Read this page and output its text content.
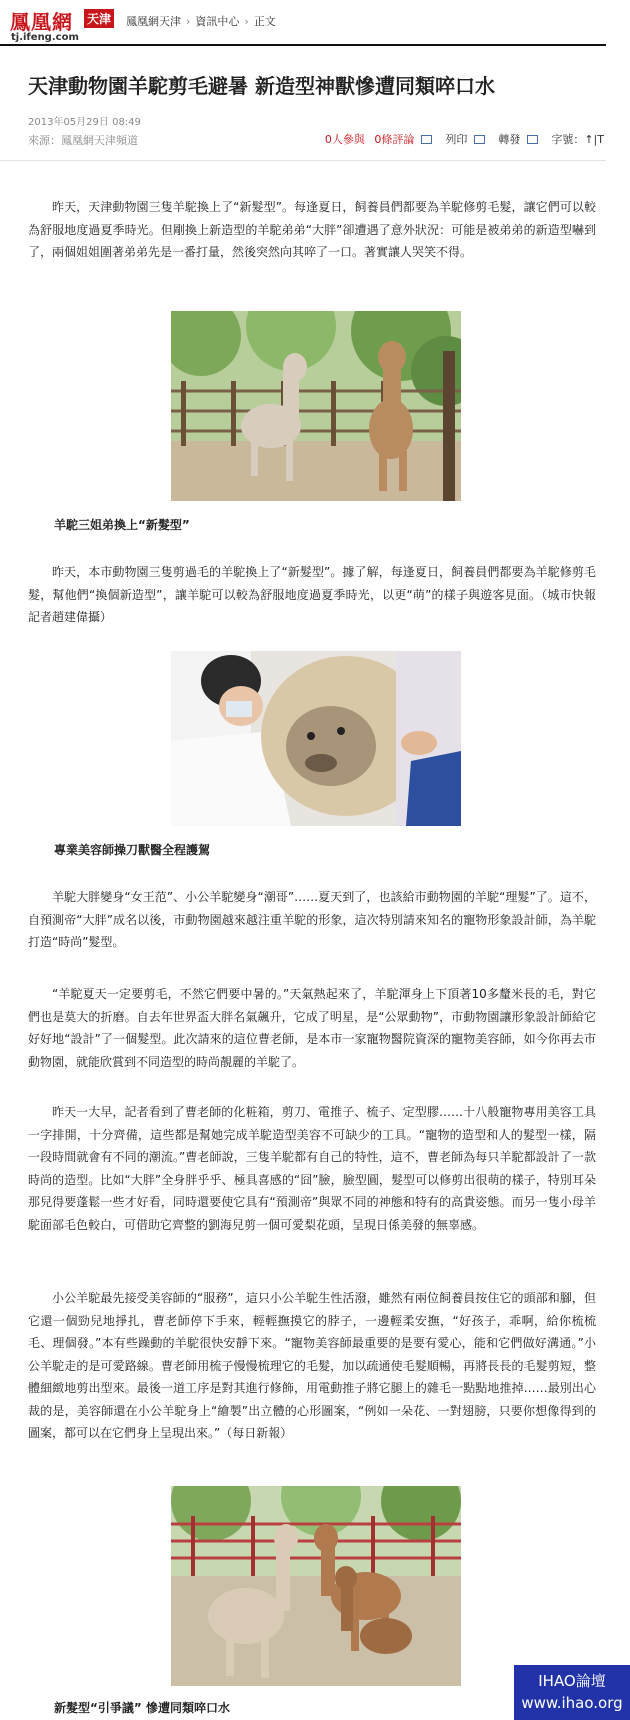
鳳凰網 天津
tj.ifeng.com
鳳凰網天津 › 資訊中心 › 正文
天津動物園羊駝剪毛避暑 新造型神獸慘遭同類啐口水
2013年05月29日 08:49
來源：鳳凰網天津頻道	0人參與 0條評論	列印	轉發	字號：↑|T

昨天，天津動物園三隻羊駝換上了“新髮型”。每逢夏日，飼養員們都要為羊駝修剪毛髮，讓它們可以較為舒服地度過夏季時光。但剛換上新造型的羊駝弟弟“大胖”卻遭遇了意外狀況：可能是被弟弟的新造型嚇到了，兩個姐姐圍著弟弟先是一番打量，然後突然向其啐了一口。著實讓人哭笑不得。

羊駝三姐弟換上“新髮型”

昨天，本市動物園三隻剪過毛的羊駝換上了“新髮型”。據了解，每逢夏日，飼養員們都要為羊駝修剪毛髮，幫他們“換個新造型”，讓羊駝可以較為舒服地度過夏季時光，以更“萌”的樣子與遊客見面。（城市快報 記者趙建偉攝）

專業美容師操刀獸醫全程護駕

羊駝大胖變身“女王范”、小公羊駝變身“潮哥”……夏天到了，也該給市動物園的羊駝“理髮”了。這不，自預測帝“大胖”成名以後，市動物園越來越注重羊駝的形象，這次特別請來知名的寵物形象設計師，為羊駝打造“時尚”髮型。

“羊駝夏天一定要剪毛，不然它們要中暑的。”天氣熱起來了，羊駝渾身上下頂著10多釐米長的毛，對它們也是莫大的折磨。自去年世界盃大胖名氣飆升，它成了明星，是“公眾動物”，市動物園讓形象設計師給它好好地“設計”了一個髮型。此次請來的這位曹老師，是本市一家寵物醫院資深的寵物美容師，如今你再去市動物園，就能欣賞到不同造型的時尚靚麗的羊駝了。

昨天一大早，記者看到了曹老師的化粧箱，剪刀、電推子、梳子、定型膠……十八般寵物專用美容工具一字排開，十分齊備，這些都是幫她完成羊駝造型美容不可缺少的工具。“寵物的造型和人的髮型一樣，隔一段時間就會有不同的潮流。”曹老師說，三隻羊駝都有自己的特性，這不，曹老師為每只羊駝都設計了一款時尚的造型。比如“大胖”全身胖乎乎、極具喜感的“囧”臉，臉型圓，髮型可以修剪出很萌的樣子，特別耳朵那兒得要蓬鬆一些才好看，同時還要使它具有“預測帝”與眾不同的神態和特有的高貴姿態。而另一隻小母羊駝面部毛色較白，可借助它齊整的劉海兒剪一個可愛梨花頭，呈現日係美發的無辜感。

小公羊駝最先接受美容師的“服務”，這只小公羊駝生性活潑，雖然有兩位飼養員按住它的頭部和腳，但它還一個勁兒地掙扎，曹老師停下手來，輕輕撫摸它的脖子，一邊輕柔安撫，“好孩子，乖啊，給你梳梳毛、理個發。”本有些躁動的羊駝很快安靜下來。“寵物美容師最重要的是要有愛心，能和它們做好溝通。”小公羊駝走的是可愛路線。曹老師用梳子慢慢梳理它的毛髮，加以疏通使毛髮順暢，再將長長的毛髮剪短，整體細緻地剪出型來。最後一道工序是對其進行修飾，用電動推子將它腿上的雜毛一點點地推掉……最別出心裁的是，美容師還在小公羊駝身上“繪製”出立體的心形圖案，“例如一朵花、一對翅膀，只要你想像得到的圖案，都可以在它們身上呈現出來。”（每日新報）

新髮型“引爭議” 慘遭同類啐口水
IHAO論壇
www.ihao.org
